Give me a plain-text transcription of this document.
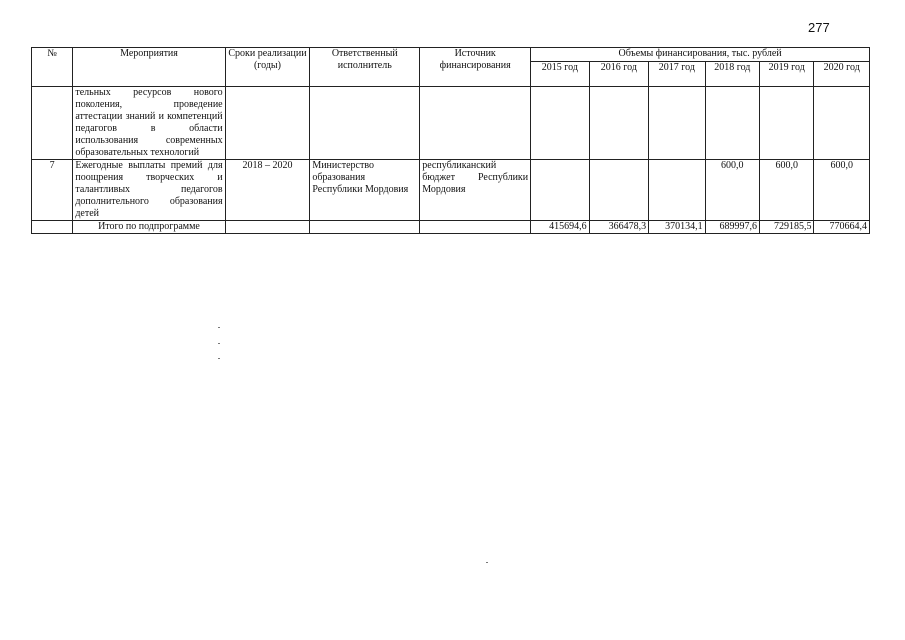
277
№	Мероприятия	Сроки реализации (годы)	Ответственный исполнитель	Источник финансирования	Объемы финансирования, тыс. рублей					
					2015 год	2016 год	2017 год	2018 год	2019 год	2020 год
	тельных ресурсов нового поколения, проведение аттестации знаний и компетенций педагогов в области использования современных образовательных технологий									
7	Ежегодные выплаты премий для поощрения творческих и талантливых педагогов дополнительного образования детей	2018 – 2020	Министерство образования Республики Мордовия	республиканский бюджет Республики Мордовия				600,0	600,0	600,0
	Итого по подпрограмме				415694,6	366478,3	370134,1	689997,6	729185,5	770664,4
